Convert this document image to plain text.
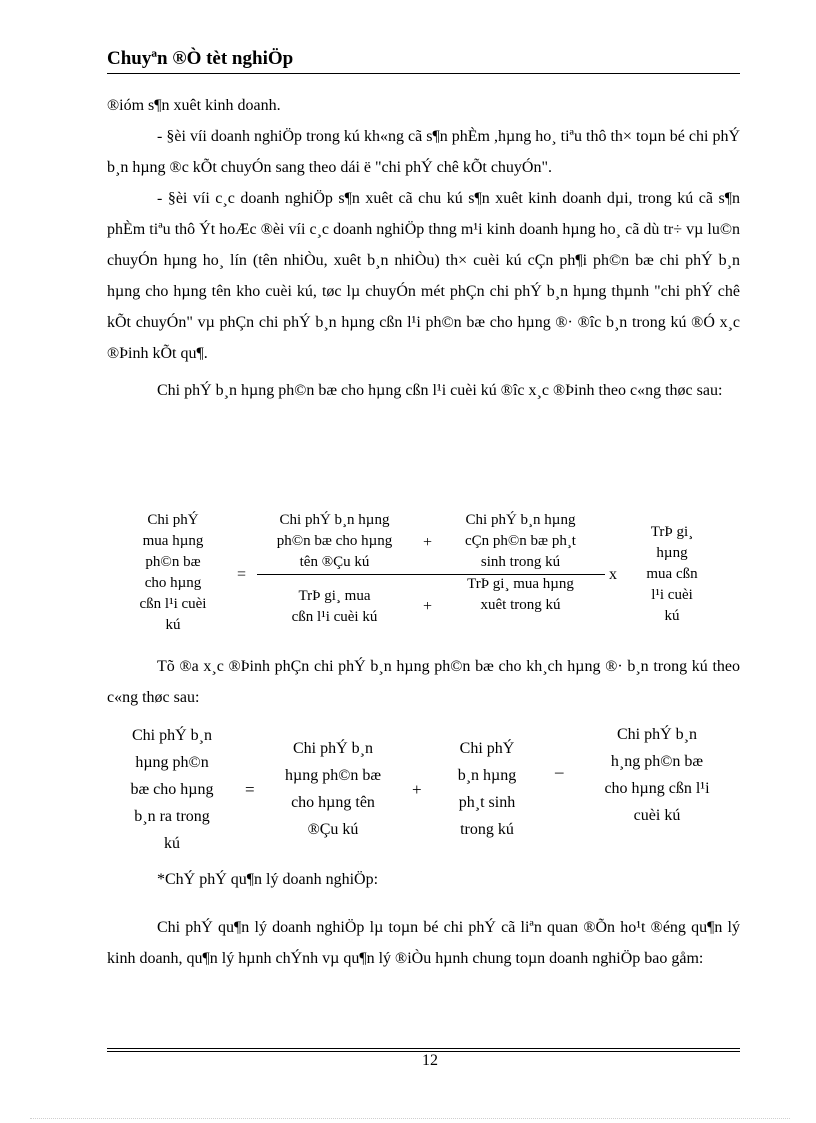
Chuyªn ®Ò tèt nghiÖp

®ióm s¶n xuêt kinh doanh.

- §èi víi doanh nghiÖp trong kú kh«ng cã s¶n phÈm ,hµng ho¸ tiªu thô th× toµn bé chi phÝ b¸n hµng ®c kÕt chuyÓn sang theo dái ë "chi phÝ chê kÕt chuyÓn".

- §èi víi c¸c doanh nghiÖp s¶n xuêt cã chu kú s¶n xuêt kinh doanh dµi, trong kú cã s¶n phÈm tiªu thô Ýt hoÆc ®èi víi c¸c doanh nghiÖp thng m¹i kinh doanh hµng ho¸ cã dù tr÷ vµ lu©n chuyÓn hµng ho¸ lín (tên nhiÒu, xuêt b¸n nhiÒu) th× cuèi kú cÇn ph¶i ph©n bæ chi phÝ b¸n hµng cho hµng tên kho cuèi kú, tøc lµ chuyÓn mét phÇn chi phÝ b¸n hµng thµnh "chi phÝ chê kÕt chuyÓn" vµ phÇn chi phÝ b¸n hµng cßn l¹i ph©n bæ cho hµng ®· ®îc b¸n trong kú ®Ó x¸c ®Þinh kÕt qu¶.

Chi phÝ b¸n hµng ph©n bæ cho hµng cßn l¹i cuèi kú ®îc x¸c ®Þinh theo c«ng thøc sau:

Chi phÝ
mua hµng
ph©n bæ
cho hµng
cßn l¹i cuèi
kú
=
Chi phÝ b¸n hµng
ph©n bæ cho hµng
tên ®Çu kú
+
Chi phÝ b¸n hµng
cÇn ph©n bæ ph¸t
sinh trong kú
TrÞ gi¸ mua
cßn l¹i cuèi kú
+
TrÞ gi¸ mua hµng
xuêt trong kú
x
TrÞ gi¸
hµng
mua cßn
l¹i cuèi
kú

Tõ ®a x¸c ®Þinh phÇn chi phÝ b¸n hµng ph©n bæ cho kh¸ch hµng ®· b¸n trong kú theo c«ng thøc sau:

Chi phÝ b¸n
hµng ph©n
bæ cho hµng
b¸n ra trong
kú
=
Chi phÝ b¸n
hµng ph©n bæ
cho hµng tên
®Çu kú
+
Chi phÝ
b¸n hµng
ph¸t sinh
trong kú
–
Chi phÝ b¸n
h¸ng ph©n bæ
cho hµng cßn l¹i
cuèi kú

*ChÝ phÝ qu¶n lý doanh nghiÖp:

Chi phÝ qu¶n lý doanh nghiÖp lµ toµn bé chi phÝ cã liªn quan ®Õn ho¹t ®éng qu¶n lý kinh doanh, qu¶n lý hµnh chÝnh vµ qu¶n lý ®iÒu hµnh chung toµn doanh nghiÖp bao gåm:

12
